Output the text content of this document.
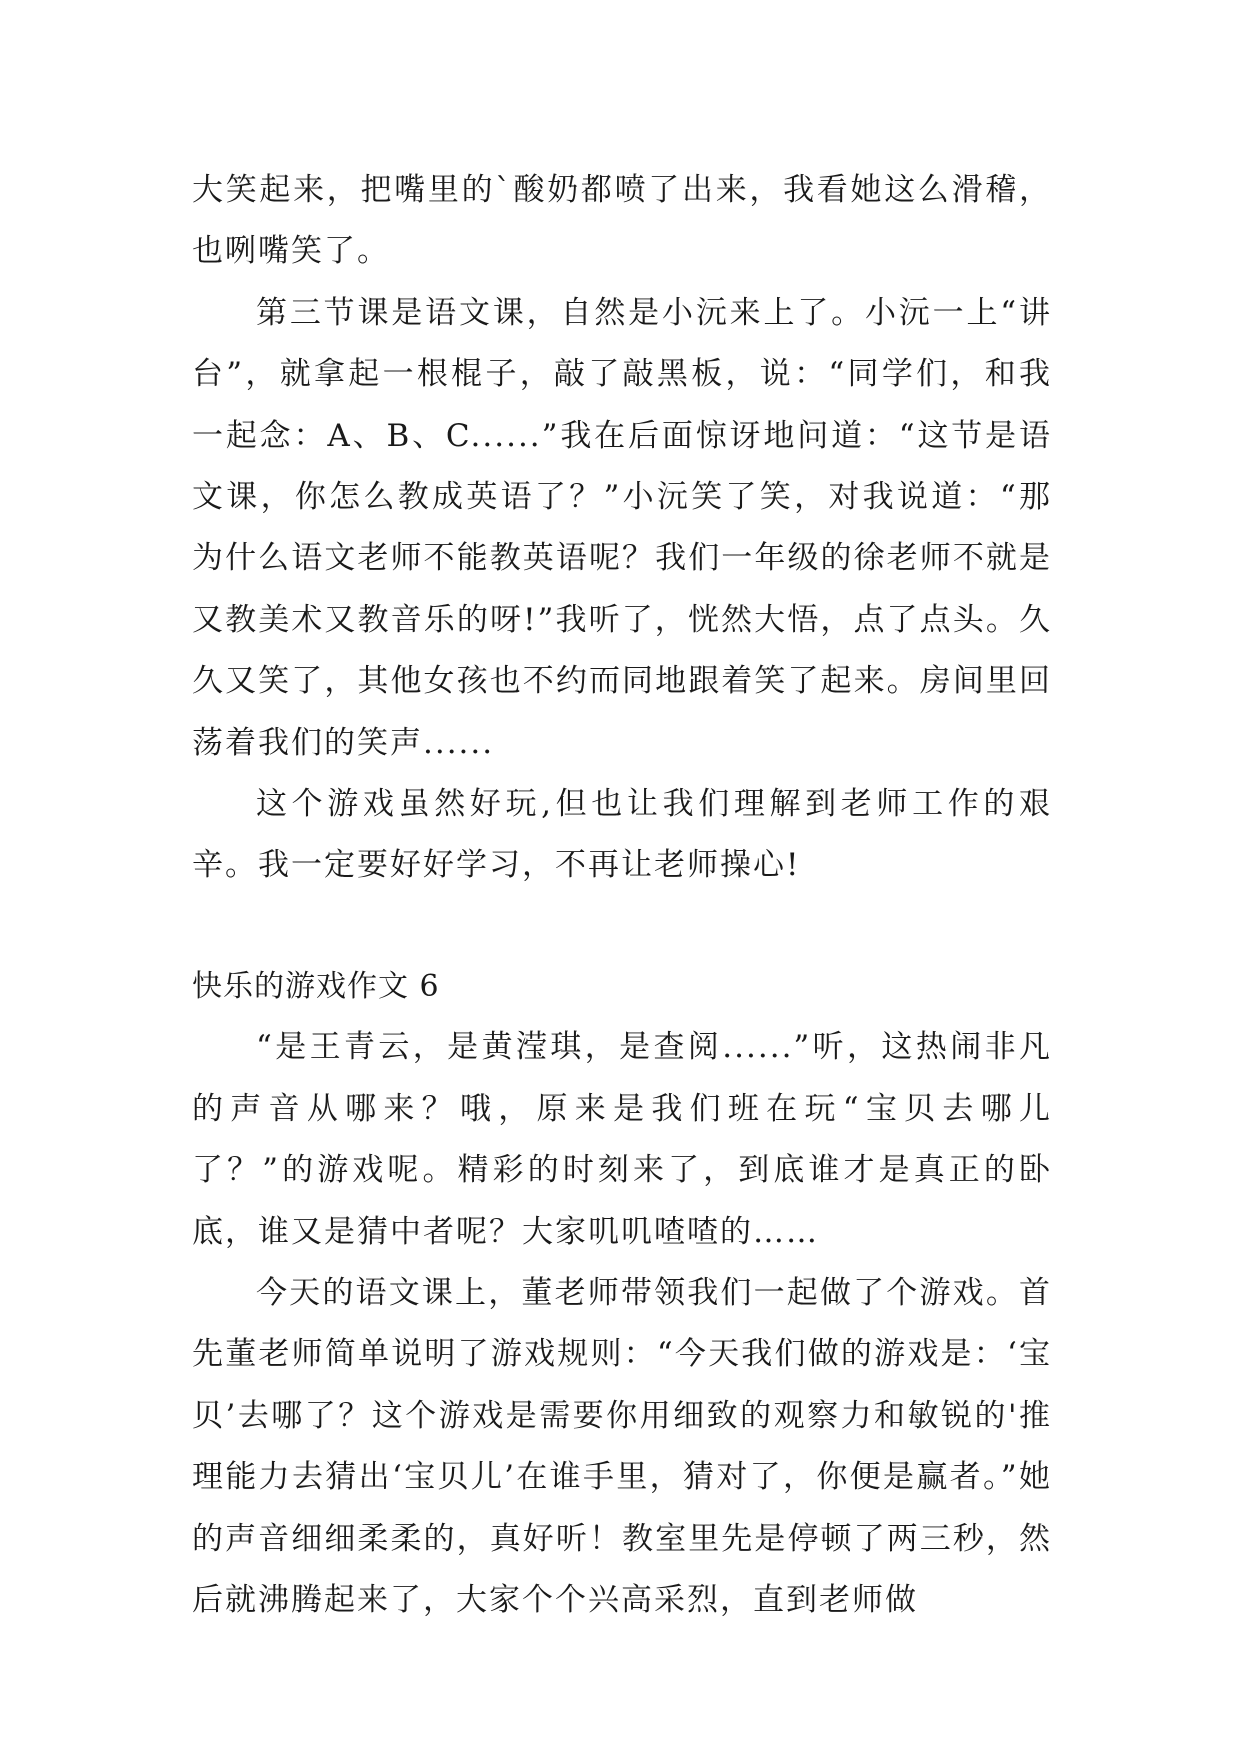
大笑起来，把嘴里的`酸奶都喷了出来，我看她这么滑稽，也咧嘴笑了。

第三节课是语文课，自然是小沅来上了。小沅一上“讲台”，就拿起一根棍子，敲了敲黑板，说：“同学们，和我一起念：A、B、C......”我在后面惊讶地问道：“这节是语文课，你怎么教成英语了？”小沅笑了笑，对我说道：“那为什么语文老师不能教英语呢？我们一年级的徐老师不就是又教美术又教音乐的呀!”我听了，恍然大悟，点了点头。久久又笑了，其他女孩也不约而同地跟着笑了起来。房间里回荡着我们的笑声......

这个游戏虽然好玩,但也让我们理解到老师工作的艰辛。我一定要好好学习，不再让老师操心!

快乐的游戏作文 6

“是王青云，是黄滢琪，是查阅......”听，这热闹非凡的声音从哪来？哦，原来是我们班在玩“宝贝去哪儿了？”的游戏呢。精彩的时刻来了，到底谁才是真正的卧底，谁又是猜中者呢？大家叽叽喳喳的……

今天的语文课上，董老师带领我们一起做了个游戏。首先董老师简单说明了游戏规则：“今天我们做的游戏是：‘宝贝’去哪了？这个游戏是需要你用细致的观察力和敏锐的'推理能力去猜出‘宝贝儿’在谁手里，猜对了，你便是赢者。”她的声音细细柔柔的，真好听！教室里先是停顿了两三秒，然后就沸腾起来了，大家个个兴高采烈，直到老师做
